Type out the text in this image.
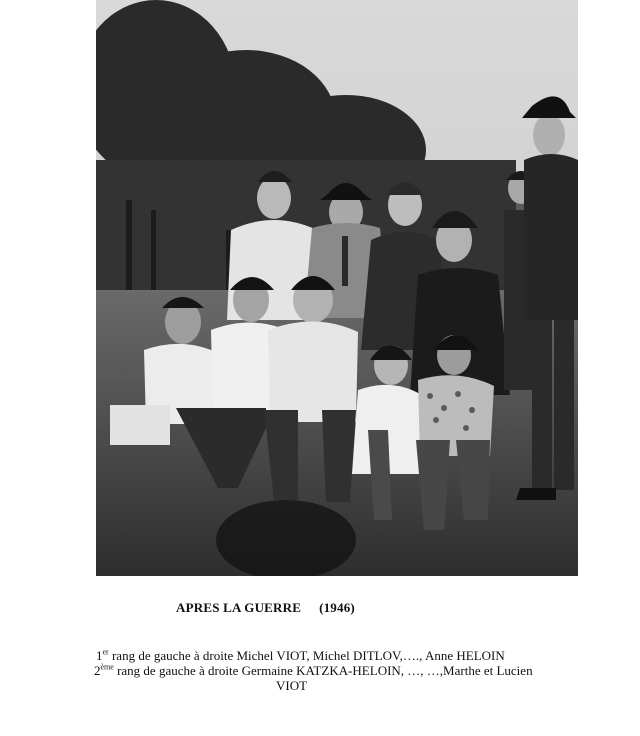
APRES LA GUERRE (1946)
1er rang de gauche à droite Michel VIOT, Michel DITLOV,…., Anne HELOIN
2ème rang de gauche à droite Germaine KATZKA-HELOIN, …, …,Marthe et Lucien
VIOT
